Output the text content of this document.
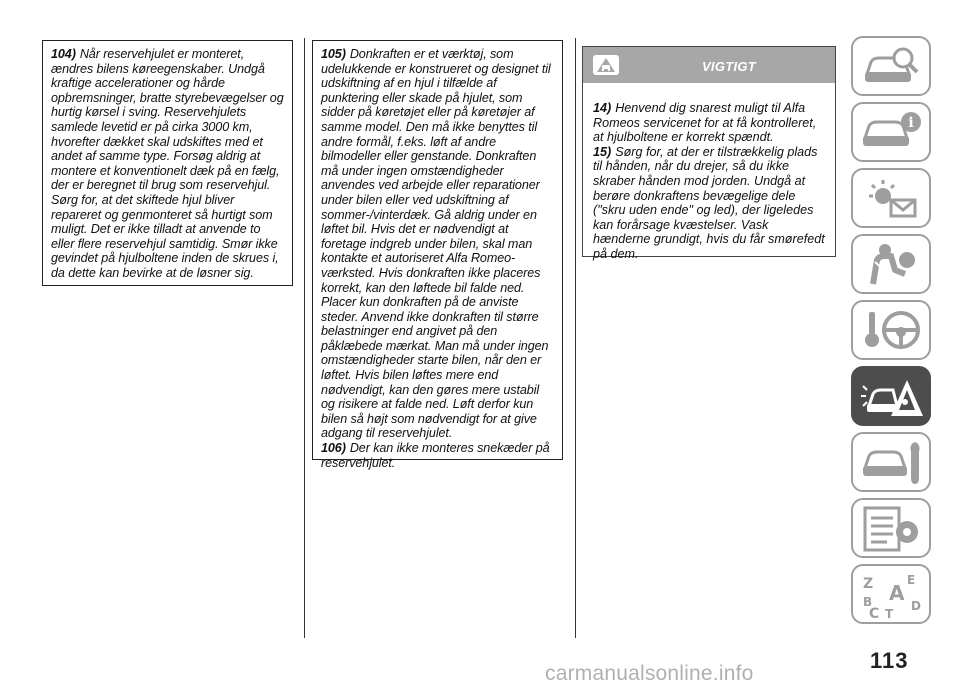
104) Når reservehjulet er monteret, ændres bilens køreegenskaber. Undgå kraftige accelerationer og hårde opbremsninger, bratte styrebevægelser og hurtig kørsel i sving. Reservehjulets samlede levetid er på cirka 3000 km, hvorefter dækket skal udskiftes med et andet af samme type. Forsøg aldrig at montere et konventionelt dæk på en fælg, der er beregnet til brug som reservehjul. Sørg for, at det skiftede hjul bliver repareret og genmonteret så hurtigt som muligt. Det er ikke tilladt at anvende to eller flere reservehjul samtidig. Smør ikke gevindet på hjulboltene inden de skrues i, da dette kan bevirke at de løsner sig.

105) Donkraften er et værktøj, som udelukkende er konstrueret og designet til udskiftning af en hjul i tilfælde af punktering eller skade på hjulet, som sidder på køretøjet eller på køretøjer af samme model. Den må ikke benyttes til andre formål, f.eks. løft af andre bilmodeller eller genstande. Donkraften må under ingen omstændigheder anvendes ved arbejde eller reparationer under bilen eller ved udskiftning af sommer-/vinterdæk. Gå aldrig under en løftet bil. Hvis det er nødvendigt at foretage indgreb under bilen, skal man kontakte et autoriseret Alfa Romeo-værksted. Hvis donkraften ikke placeres korrekt, kan den løftede bil falde ned. Placer kun donkraften på de anviste steder. Anvend ikke donkraften til større belastninger end angivet på den påklæbede mærkat. Man må under ingen omstændigheder starte bilen, når den er løftet. Hvis bilen løftes mere end nødvendigt, kan den gøres mere ustabil og risikere at falde ned. Løft derfor kun bilen så højt som nødvendigt for at give adgang til reservehjulet.

106) Der kan ikke monteres snekæder på reservehjulet.

VIGTIGT

14) Henvend dig snarest muligt til Alfa Romeos servicenet for at få kontrolleret, at hjulboltene er korrekt spændt.

15) Sørg for, at der er tilstrækkelig plads til hånden, når du drejer, så du ikke skraber hånden mod jorden. Undgå at berøre donkraftens bevægelige dele ("skru uden ende" og led), der ligeledes kan forårsage kvæstelser. Vask hænderne grundigt, hvis du får smørefedt på dem.

i
Z	E
A
B
C	D
T
113
carmanualsonline.info
